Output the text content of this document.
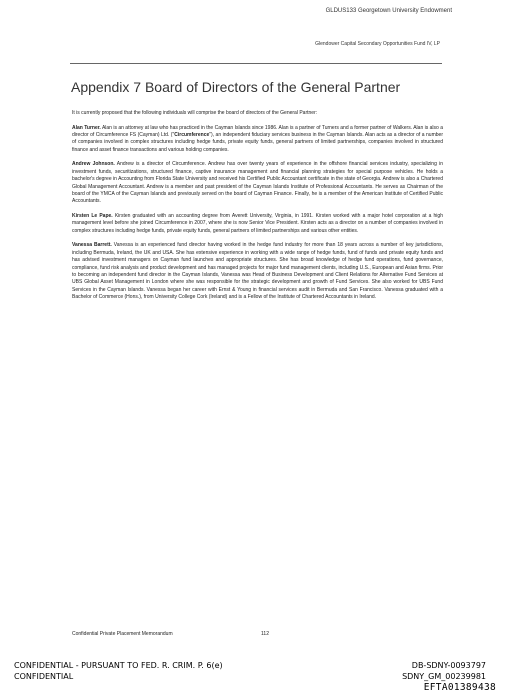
GLDUS133 Georgetown University Endowment
Glendower Capital Secondary Opportunities Fund IV, LP
Appendix 7 Board of Directors of the General Partner

It is currently proposed that the following individuals will comprise the board of directors of the General Partner:

Alan Turner. Alan is an attorney at law who has practiced in the Cayman Islands since 1986. Alan is a partner of Turners and a former partner of Walkers. Alan is also a director of Circumference FS (Cayman) Ltd. ("Circumference"), an independent fiduciary services business in the Cayman Islands. Alan acts as a director of a number of companies involved in complex structures including hedge funds, private equity funds, general partners of limited partnerships, companies involved in structured finance and asset finance transactions and various holding companies.

Andrew Johnson. Andrew is a director of Circumference. Andrew has over twenty years of experience in the offshore financial services industry, specializing in investment funds, securitizations, structured finance, captive insurance management and financial planning strategies for special purpose vehicles. He holds a bachelor's degree in Accounting from Florida State University and received his Certified Public Accountant certificate in the state of Georgia. Andrew is also a Chartered Global Management Accountant. Andrew is a member and past president of the Cayman Islands Institute of Professional Accountants. He serves as Chairman of the board of the YMCA of the Cayman Islands and previously served on the board of Cayman Finance. Finally, he is a member of the American Institute of Certified Public Accountants.

Kirsten Le Pape. Kirsten graduated with an accounting degree from Averett University, Virginia, in 1991. Kirsten worked with a major hotel corporation at a high management level before she joined Circumference in 2007, where she is now Senior Vice President. Kirsten acts as a director on a number of companies involved in complex structures including hedge funds, private equity funds, general partners of limited partnerships and various other entities.

Vanessa Barrett. Vanessa is an experienced fund director having worked in the hedge fund industry for more than 18 years across a number of key jurisdictions, including Bermuda, Ireland, the UK and USA. She has extensive experience in working with a wide range of hedge funds, fund of funds and private equity funds and has advised investment managers on Cayman fund launches and appropriate structures. She has broad knowledge of hedge fund operations, fund governance, compliance, fund risk analysis and product development and has managed projects for major fund management clients, including U.S., European and Asian firms. Prior to becoming an independent fund director in the Cayman Islands, Vanessa was Head of Business Development and Client Relations for Alternative Fund Services at UBS Global Asset Management in London where she was responsible for the strategic development and growth of Fund Services. She also worked for UBS Fund Services in the Cayman Islands. Vanessa began her career with Ernst & Young in financial services audit in Bermuda and San Francisco. Vanessa graduated with a Bachelor of Commerce (Hons.), from University College Cork (Ireland) and is a Fellow of the Institute of Chartered Accountants in Ireland.

Confidential Private Placement Memorandum	112
CONFIDENTIAL - PURSUANT TO FED. R. CRIM. P. 6(e)
CONFIDENTIAL
DB-SDNY-0093797
SDNY_GM_00239981
EFTA01389438
